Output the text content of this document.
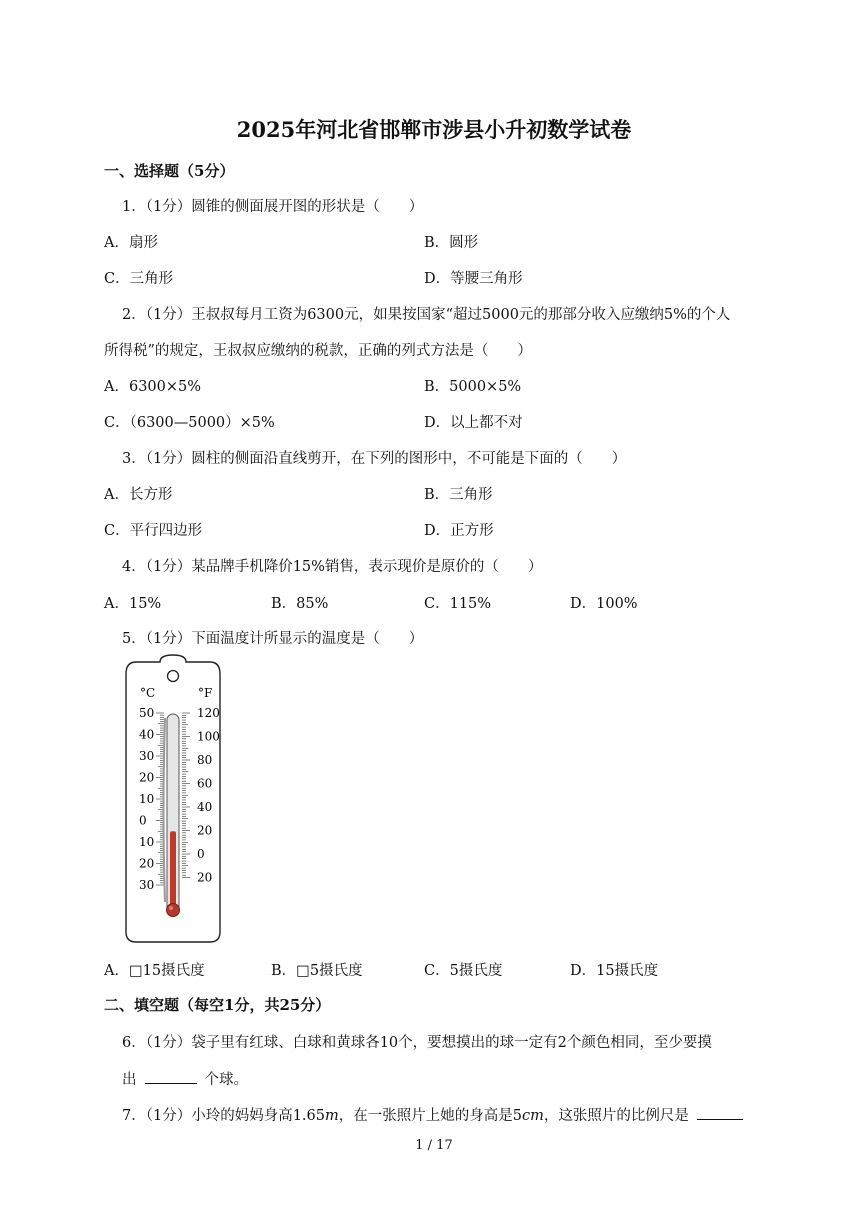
2025年河北省邯郸市涉县小升初数学试卷
一、选择题（5分）
1．（1分）圆锥的侧面展开图的形状是（　　）
A．扇形	B．圆形
C．三角形	D．等腰三角形
2．（1分）王叔叔每月工资为6300元，如果按国家“超过5000元的那部分收入应缴纳5%的个人
所得税”的规定，王叔叔应缴纳的税款，正确的列式方法是（　　）
A．6300×5%	B．5000×5%
C．（6300—5000）×5%	D．以上都不对
3．（1分）圆柱的侧面沿直线剪开，在下列的图形中，不可能是下面的（　　）
A．长方形	B．三角形
C．平行四边形	D．正方形
4．（1分）某品牌手机降价15%销售，表示现价是原价的（　　）
A．15%	B．85%	C．115%	D．100%
5．（1分）下面温度计所显示的温度是（　　）
°C	°F
50
40
30
20
10
0
10
20
30
120
100
80
60
40
20
0
20
A．□15摄氏度	B．□5摄氏度	C．5摄氏度	D．15摄氏度
二、填空题（每空1分，共25分）
6．（1分）袋子里有红球、白球和黄球各10个，要想摸出的球一定有2个颜色相同，至少要摸
出	个球。
7．（1分）小玲的妈妈身高1.65m，在一张照片上她的身高是5cm，这张照片的比例尺是
1 / 17
